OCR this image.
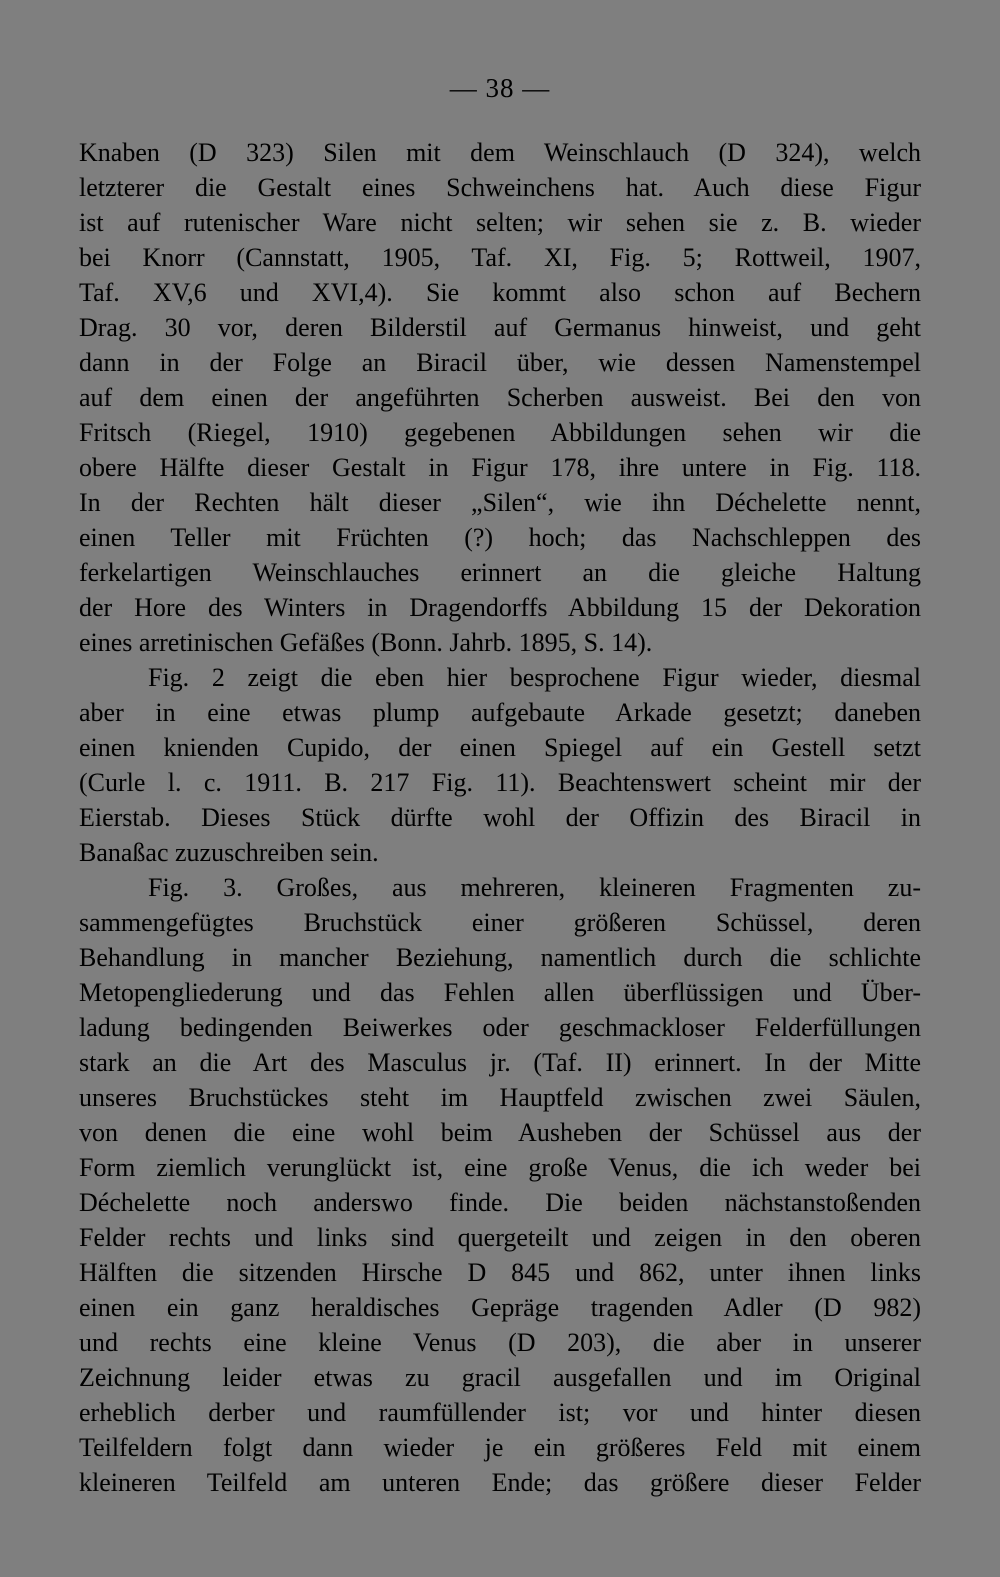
— 38 —
Knaben (D 323) Silen mit dem Weinschlauch (D 324), welch
letzterer die Gestalt eines Schweinchens hat. Auch diese Figur
ist auf rutenischer Ware nicht selten; wir sehen sie z. B. wieder
bei Knorr (Cannstatt, 1905, Taf. XI, Fig. 5; Rottweil, 1907,
Taf. XV,6 und XVI,4). Sie kommt also schon auf Bechern
Drag. 30 vor, deren Bilderstil auf Germanus hinweist, und geht
dann in der Folge an Biracil über, wie dessen Namenstempel
auf dem einen der angeführten Scherben ausweist. Bei den von
Fritsch (Riegel, 1910) gegebenen Abbildungen sehen wir die
obere Hälfte dieser Gestalt in Figur 178, ihre untere in Fig. 118.
In der Rechten hält dieser „Silen“, wie ihn Déchelette nennt,
einen Teller mit Früchten (?) hoch; das Nachschleppen des
ferkelartigen Weinschlauches erinnert an die gleiche Haltung
der Hore des Winters in Dragendorffs Abbildung 15 der Dekoration
eines arretinischen Gefäßes (Bonn. Jahrb. 1895, S. 14).
Fig. 2 zeigt die eben hier besprochene Figur wieder, diesmal
aber in eine etwas plump aufgebaute Arkade gesetzt; daneben
einen knienden Cupido, der einen Spiegel auf ein Gestell setzt
(Curle l. c. 1911. B. 217 Fig. 11). Beachtenswert scheint mir der
Eierstab. Dieses Stück dürfte wohl der Offizin des Biracil in
Banaßac zuzuschreiben sein.
Fig. 3. Großes, aus mehreren, kleineren Fragmenten zu-
sammengefügtes Bruchstück einer größeren Schüssel, deren
Behandlung in mancher Beziehung, namentlich durch die schlichte
Metopengliederung und das Fehlen allen überflüssigen und Über-
ladung bedingenden Beiwerkes oder geschmackloser Felderfüllungen
stark an die Art des Masculus jr. (Taf. II) erinnert. In der Mitte
unseres Bruchstückes steht im Hauptfeld zwischen zwei Säulen,
von denen die eine wohl beim Ausheben der Schüssel aus der
Form ziemlich verunglückt ist, eine große Venus, die ich weder bei
Déchelette noch anderswo finde. Die beiden nächstanstoßenden
Felder rechts und links sind quergeteilt und zeigen in den oberen
Hälften die sitzenden Hirsche D 845 und 862, unter ihnen links
einen ein ganz heraldisches Gepräge tragenden Adler (D 982)
und rechts eine kleine Venus (D 203), die aber in unserer
Zeichnung leider etwas zu gracil ausgefallen und im Original
erheblich derber und raumfüllender ist; vor und hinter diesen
Teilfeldern folgt dann wieder je ein größeres Feld mit einem
kleineren Teilfeld am unteren Ende; das größere dieser Felder
